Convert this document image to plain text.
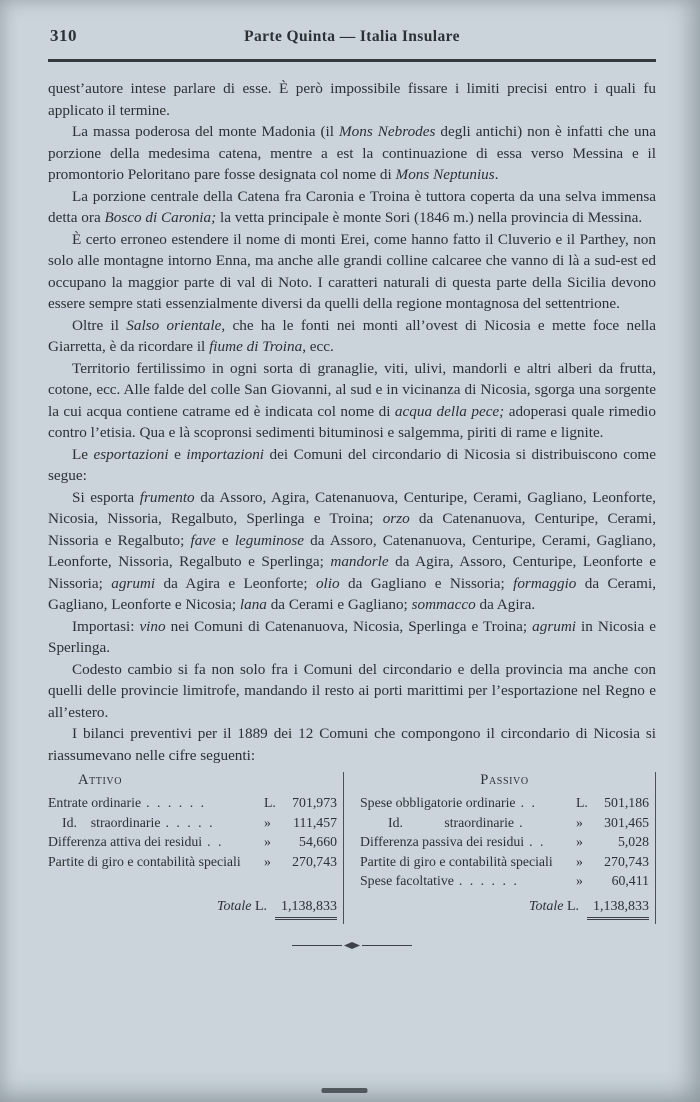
310	Parte Quinta — Italia Insulare

quest’autore intese parlare di esse. È però impossibile fissare i limiti precisi entro i quali fu applicato il termine.

La massa poderosa del monte Madonia (il Mons Nebrodes degli antichi) non è infatti che una porzione della medesima catena, mentre a est la continuazione di essa verso Messina e il promontorio Peloritano pare fosse designata col nome di Mons Neptunius.

La porzione centrale della Catena fra Caronia e Troina è tuttora coperta da una selva immensa detta ora Bosco di Caronia; la vetta principale è monte Sori (1846 m.) nella provincia di Messina.

È certo erroneo estendere il nome di monti Erei, come hanno fatto il Cluverio e il Parthey, non solo alle montagne intorno Enna, ma anche alle grandi colline calcaree che vanno di là a sud-est ed occupano la maggior parte di val di Noto. I caratteri naturali di questa parte della Sicilia devono essere sempre stati essenzialmente diversi da quelli della regione montagnosa del settentrione.

Oltre il Salso orientale, che ha le fonti nei monti all’ovest di Nicosia e mette foce nella Giarretta, è da ricordare il fiume di Troina, ecc.

Territorio fertilissimo in ogni sorta di granaglie, viti, ulivi, mandorli e altri alberi da frutta, cotone, ecc. Alle falde del colle San Giovanni, al sud e in vicinanza di Nicosia, sgorga una sorgente la cui acqua contiene catrame ed è indicata col nome di acqua della pece; adoperasi quale rimedio contro l’etisia. Qua e là scopronsi sedimenti bituminosi e salgemma, piriti di rame e lignite.

Le esportazioni e importazioni dei Comuni del circondario di Nicosia si distribuiscono come segue:

Si esporta frumento da Assoro, Agira, Catenanuova, Centuripe, Cerami, Gagliano, Leonforte, Nicosia, Nissoria, Regalbuto, Sperlinga e Troina; orzo da Catenanuova, Centuripe, Cerami, Nissoria e Regalbuto; fave e leguminose da Assoro, Catenanuova, Centuripe, Cerami, Gagliano, Leonforte, Nissoria, Regalbuto e Sperlinga; mandorle da Agira, Assoro, Centuripe, Leonforte e Nissoria; agrumi da Agira e Leonforte; olio da Gagliano e Nissoria; formaggio da Cerami, Gagliano, Leonforte e Nicosia; lana da Cerami e Gagliano; sommacco da Agira.

Importasi: vino nei Comuni di Catenanuova, Nicosia, Sperlinga e Troina; agrumi in Nicosia e Sperlinga.

Codesto cambio si fa non solo fra i Comuni del circondario e della provincia ma anche con quelli delle provincie limitrofe, mandando il resto ai porti marittimi per l’esportazione nel Regno e all’estero.

I bilanci preventivi per il 1889 dei 12 Comuni che compongono il circondario di Nicosia si riassumevano nelle cifre seguenti:

Attivo
Entrate ordinarie . . . . . .	L.	701,973
Id. straordinarie . . . . .	»	111,457
Differenza attiva dei residui . .	»	54,660
Partite di giro e contabilità speciali »	270,743
Totale L.	1,138,833
Passivo
Spese obbligatorie ordinarie . .	L.	501,186
Id.   straordinarie .	»	301,465
Differenza passiva dei residui . .	»	5,028
Partite di giro e contabilità speciali »	270,743
Spese facoltative . . . . . .	»	60,411
Totale L.	1,138,833
